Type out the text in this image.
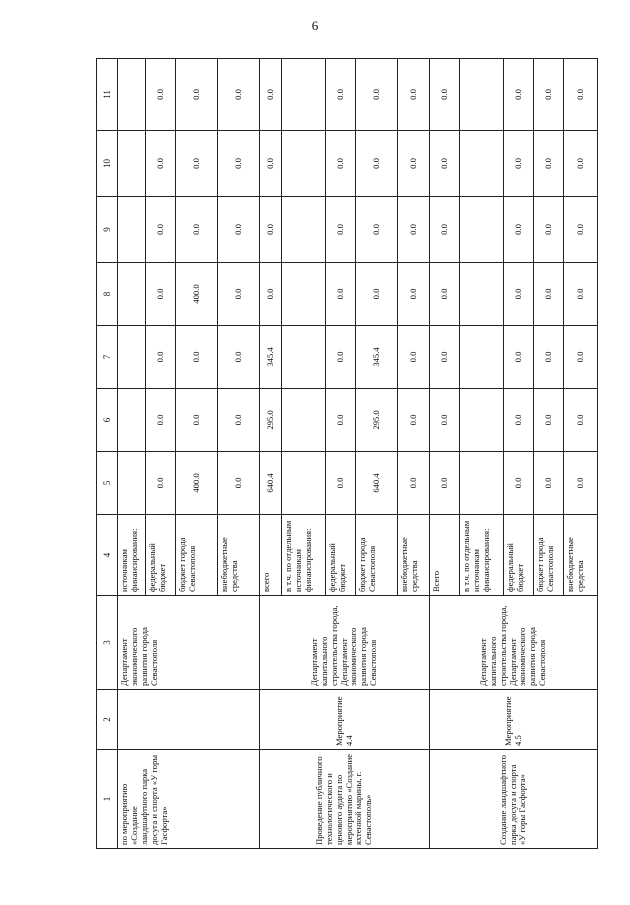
6
1	2	3	4	5	6	7	8	9	10	11
по мероприятию «Создание ландшафтного парка досуга и спорта «У горы Гасфорта»		Департамент экономического развития города Севастополя	источникам финансирования:							
			федеральный бюджет	0.0	0.0	0.0	0.0	0.0	0.0	0.0
			бюджет города Севастополя	400.0	0.0	0.0	400.0	0.0	0.0	0.0
			внебюджетные средства	0.0	0.0	0.0	0.0	0.0	0.0	0.0
Проведение публичного технологического и ценового аудита по мероприятию «Создание яхтенной марины, г. Севастополь»	Мероприятие 4.4	Департамент капитального строительства города, Департамент экономического развития города Севастополя	всего	640.4	295.0	345.4	0.0	0.0	0.0	0.0
			в т.ч. по отдельным источникам финансирования:							
			федеральный бюджет	0.0	0.0	0.0	0.0	0.0	0.0	0.0
			бюджет города Севастополя	640.4	295.0	345.4	0.0	0.0	0.0	0.0
			внебюджетные средства	0.0	0.0	0.0	0.0	0.0	0.0	0.0
Создание ландшафтного парка досуга и спорта «У горы Гасфорта»	Мероприятие 4.5	Департамент капитального строительства города, Департамент экономического развития города Севастополя	Всего	0.0	0.0	0.0	0.0	0.0	0.0	0.0
			в т.ч. по отдельным источникам финансирования:							
			федеральный бюджет	0.0	0.0	0.0	0.0	0.0	0.0	0.0
			бюджет города Севастополя	0.0	0.0	0.0	0.0	0.0	0.0	0.0
			внебюджетные средства	0.0	0.0	0.0	0.0	0.0	0.0	0.0
